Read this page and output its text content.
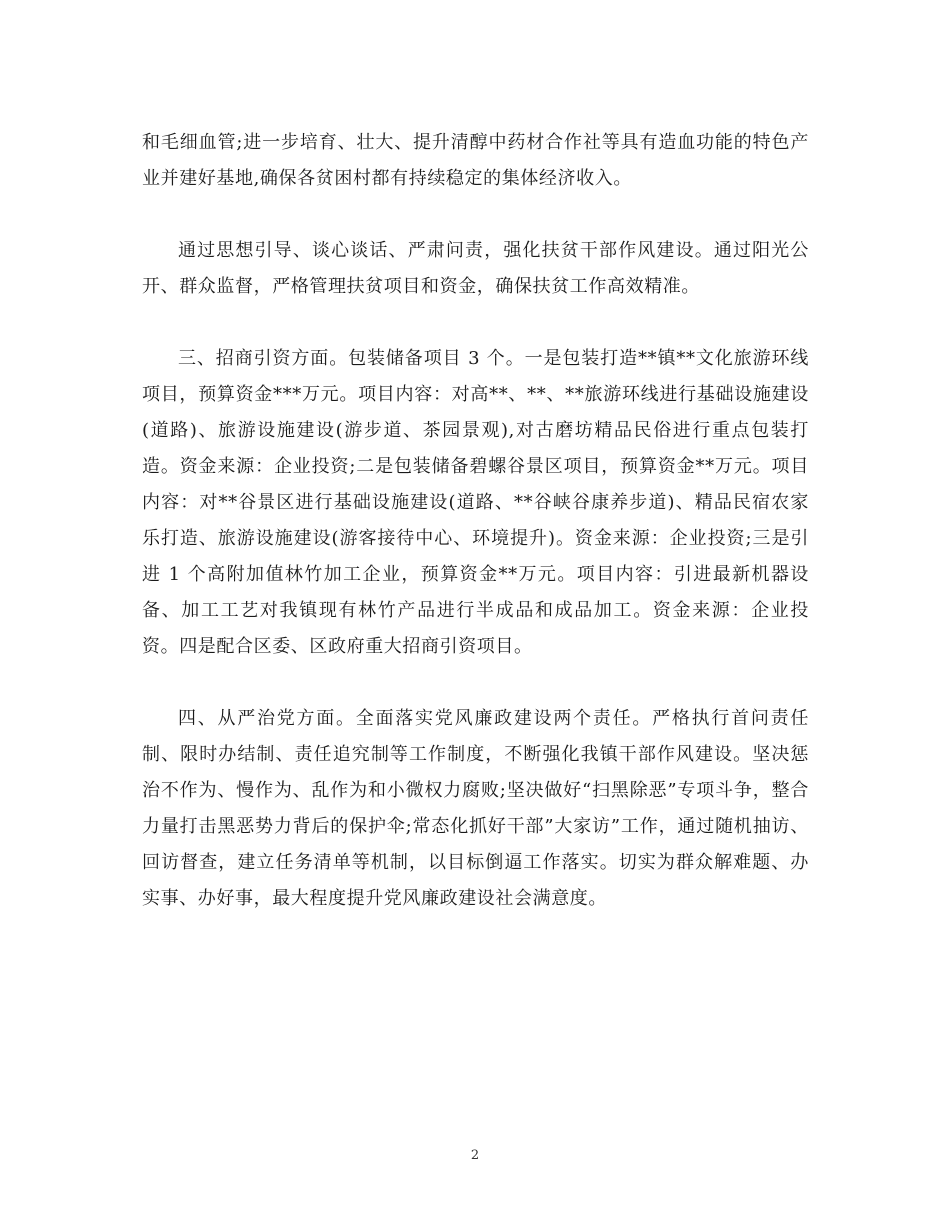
和毛细血管;进一步培育、壮大、提升清醇中药材合作社等具有造血功能的特色产业并建好基地,确保各贫困村都有持续稳定的集体经济收入。

通过思想引导、谈心谈话、严肃问责，强化扶贫干部作风建设。通过阳光公开、群众监督，严格管理扶贫项目和资金，确保扶贫工作高效精准。

三、招商引资方面。包装储备项目 3 个。一是包装打造**镇**文化旅游环线项目，预算资金***万元。项目内容：对高**、**、**旅游环线进行基础设施建设(道路)、旅游设施建设(游步道、茶园景观),对古磨坊精品民俗进行重点包装打造。资金来源：企业投资;二是包装储备碧螺谷景区项目，预算资金**万元。项目内容：对**谷景区进行基础设施建设(道路、**谷峡谷康养步道)、精品民宿农家乐打造、旅游设施建设(游客接待中心、环境提升)。资金来源：企业投资;三是引进 1 个高附加值林竹加工企业，预算资金**万元。项目内容：引进最新机器设备、加工工艺对我镇现有林竹产品进行半成品和成品加工。资金来源：企业投资。四是配合区委、区政府重大招商引资项目。

四、从严治党方面。全面落实党风廉政建设两个责任。严格执行首问责任制、限时办结制、责任追究制等工作制度，不断强化我镇干部作风建设。坚决惩治不作为、慢作为、乱作为和小微权力腐败;坚决做好“扫黑除恶”专项斗争，整合力量打击黑恶势力背后的保护伞;常态化抓好干部”大家访”工作，通过随机抽访、回访督查，建立任务清单等机制，以目标倒逼工作落实。切实为群众解难题、办实事、办好事，最大程度提升党风廉政建设社会满意度。

2
